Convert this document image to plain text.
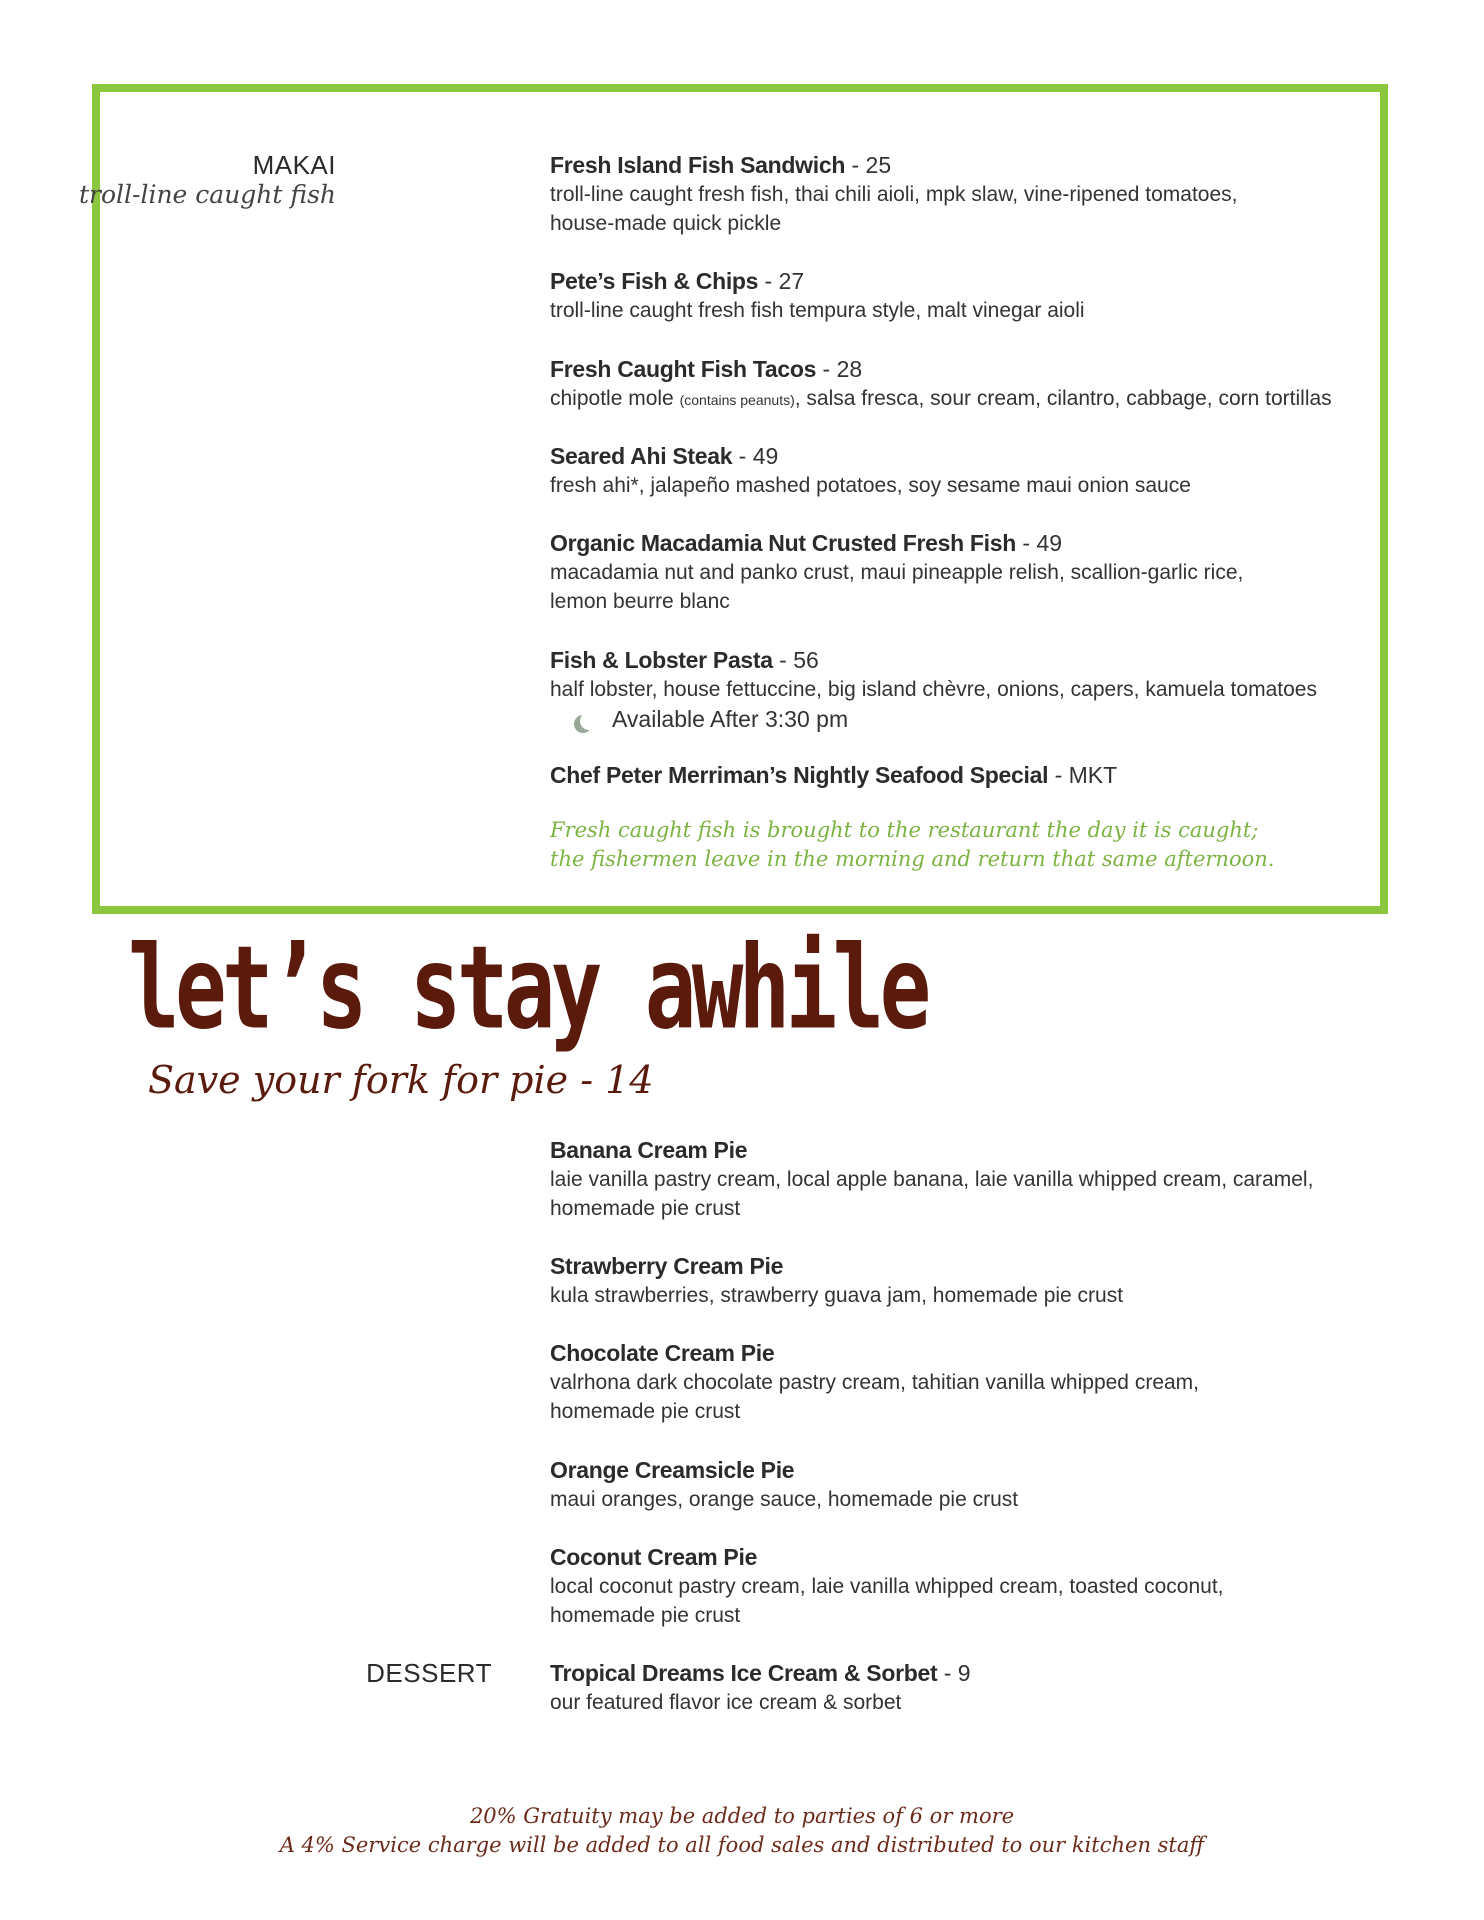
MAKAI
troll-line caught fish
Fresh Island Fish Sandwich - 25
troll-line caught fresh fish, thai chili aioli, mpk slaw, vine-ripened tomatoes,
house-made quick pickle
Pete’s Fish & Chips - 27
troll-line caught fresh fish tempura style, malt vinegar aioli
Fresh Caught Fish Tacos - 28
chipotle mole (contains peanuts), salsa fresca, sour cream, cilantro, cabbage, corn tortillas
Seared Ahi Steak - 49
fresh ahi*, jalapeño mashed potatoes, soy sesame maui onion sauce
Organic Macadamia Nut Crusted Fresh Fish - 49
macadamia nut and panko crust, maui pineapple relish, scallion-garlic rice,
lemon beurre blanc
Fish & Lobster Pasta - 56
half lobster, house fettuccine, big island chèvre, onions, capers, kamuela tomatoes
Available After 3:30 pm
Chef Peter Merriman’s Nightly Seafood Special - MKT
Fresh caught fish is brought to the restaurant the day it is caught;
the fishermen leave in the morning and return that same afternoon.
let’s stay awhile
Save your fork for pie - 14
Banana Cream Pie
laie vanilla pastry cream, local apple banana, laie vanilla whipped cream, caramel,
homemade pie crust
Strawberry Cream Pie
kula strawberries, strawberry guava jam, homemade pie crust
Chocolate Cream Pie
valrhona dark chocolate pastry cream, tahitian vanilla whipped cream,
homemade pie crust
Orange Creamsicle Pie
maui oranges, orange sauce, homemade pie crust
Coconut Cream Pie
local coconut pastry cream, laie vanilla whipped cream, toasted coconut,
homemade pie crust
DESSERT	Tropical Dreams Ice Cream & Sorbet - 9
our featured flavor ice cream & sorbet
20% Gratuity may be added to parties of 6 or more
A 4% Service charge will be added to all food sales and distributed to our kitchen staff
